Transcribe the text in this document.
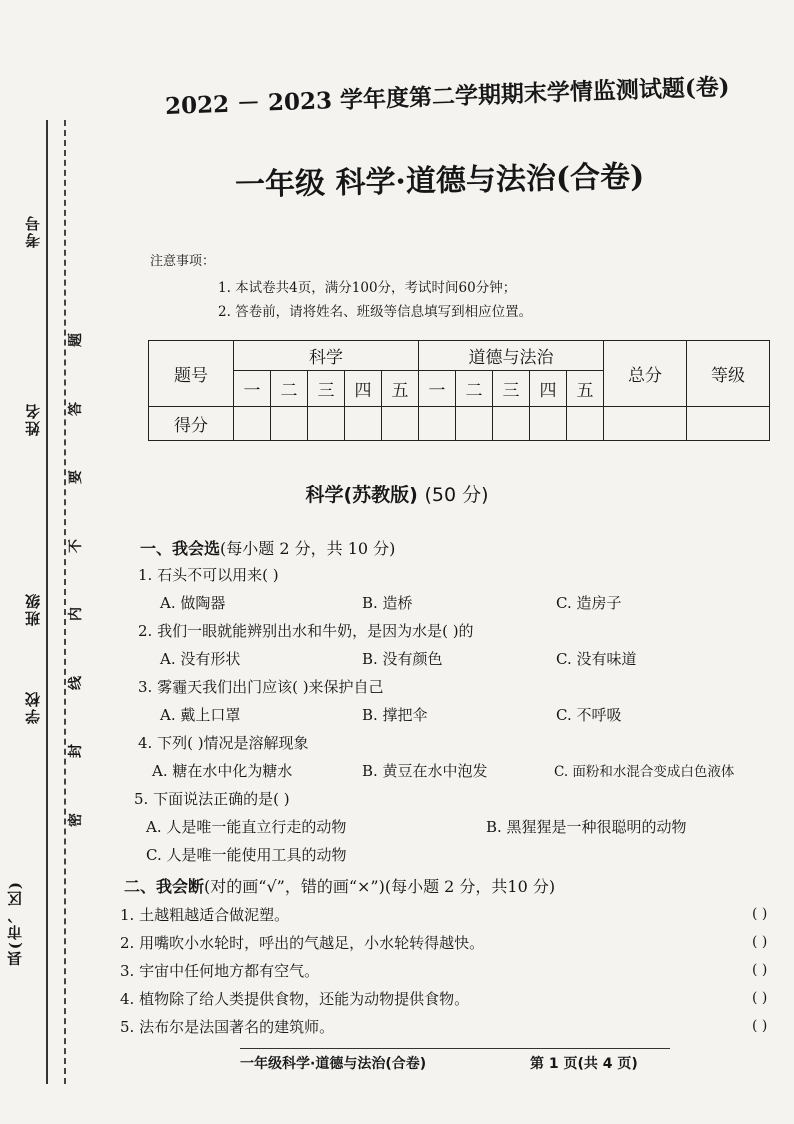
考号
姓名
班级
学校
县(市、区)
题
答
要
不
内
线
封
密
2022 － 2023 学年度第二学期期末学情监测试题(卷)
一年级 科学·道德与法治(合卷)
注意事项：
1. 本试卷共4页，满分100分，考试时间60分钟；
2. 答卷前，请将姓名、班级等信息填写到相应位置。
题号	科学					道德与法治					总分	等级
	一	二	三	四	五	一	二	三	四	五		
得分												
科学(苏教版) (50 分)
一、我会选(每小题 2 分，共 10 分)
1. 石头不可以用来( )
A. 做陶器	B. 造桥	C. 造房子
2. 我们一眼就能辨别出水和牛奶，是因为水是( )的
A. 没有形状	B. 没有颜色	C. 没有味道
3. 雾霾天我们出门应该( )来保护自己
A. 戴上口罩	B. 撑把伞	C. 不呼吸
4. 下列( )情况是溶解现象
A. 糖在水中化为糖水	B. 黄豆在水中泡发	C. 面粉和水混合变成白色液体
5. 下面说法正确的是( )
A. 人是唯一能直立行走的动物	B. 黑猩猩是一种很聪明的动物
C. 人是唯一能使用工具的动物
二、我会断(对的画“√”，错的画“×”)(每小题 2 分，共10 分)
1. 土越粗越适合做泥塑。	( )
2. 用嘴吹小水轮时，呼出的气越足，小水轮转得越快。	( )
3. 宇宙中任何地方都有空气。	( )
4. 植物除了给人类提供食物，还能为动物提供食物。	( )
5. 法布尔是法国著名的建筑师。	( )
一年级科学·道德与法治(合卷)	第 1 页(共 4 页)
